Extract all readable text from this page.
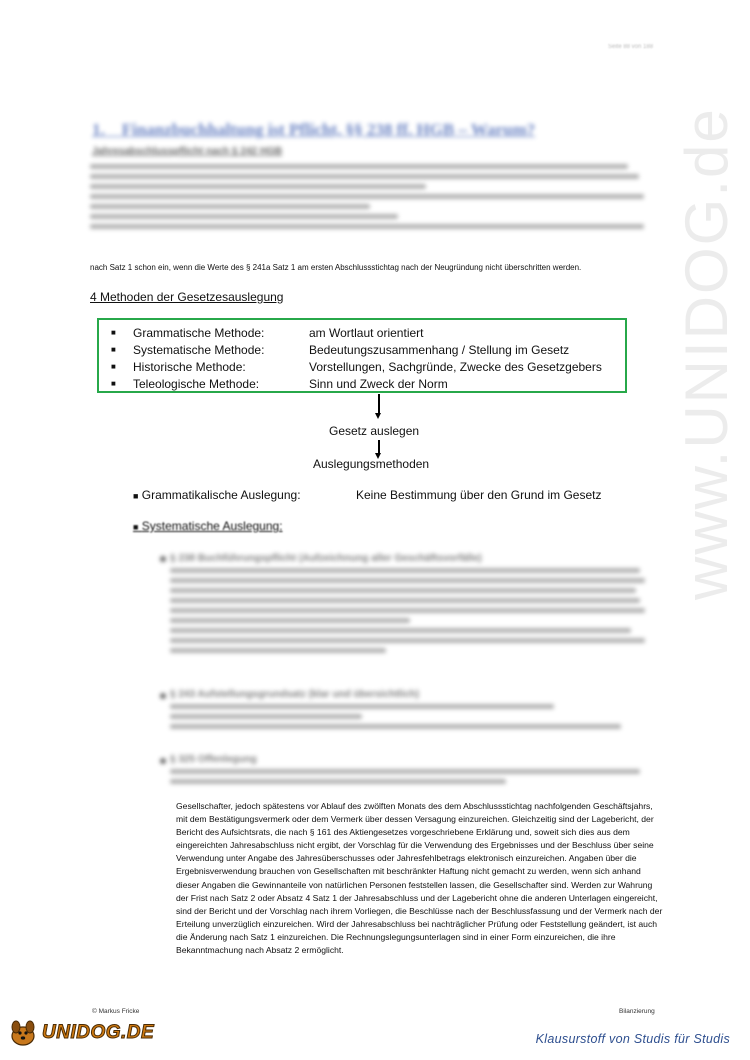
Seite 88 von 188
www.UNIDOG.de
1. Finanzbuchhaltung ist Pflicht, §§ 238 ff. HGB – Warum?
Jahresabschlusspflicht nach § 242 HGB
nach Satz 1 schon ein, wenn die Werte des § 241a Satz 1 am ersten Abschlussstichtag nach der Neugründung nicht überschritten werden.
4 Methoden der Gesetzesauslegung
■	Grammatische Methode:	am Wortlaut orientiert
■	Systematische Methode:	Bedeutungszusammenhang / Stellung im Gesetz
■	Historische Methode:	Vorstellungen, Sachgründe, Zwecke des Gesetzgebers
■	Teleologische Methode:	Sinn und Zweck der Norm
Gesetz auslegen
Auslegungsmethoden
■ Grammatikalische Auslegung:	Keine Bestimmung über den Grund im Gesetz
■ Systematische Auslegung:
§ 238 Buchführungspflicht (Aufzeichnung aller Geschäftsvorfälle)
§ 243 Aufstellungsgrundsatz (klar und übersichtlich)
§ 325 Offenlegung
Gesellschafter, jedoch spätestens vor Ablauf des zwölften Monats des dem Abschlussstichtag nachfolgenden Geschäftsjahrs, mit dem Bestätigungsvermerk oder dem Vermerk über dessen Versagung einzureichen. Gleichzeitig sind der Lagebericht, der Bericht des Aufsichtsrats, die nach § 161 des Aktiengesetzes vorgeschriebene Erklärung und, soweit sich dies aus dem eingereichten Jahresabschluss nicht ergibt, der Vorschlag für die Verwendung des Ergebnisses und der Beschluss über seine Verwendung unter Angabe des Jahresüberschusses oder Jahresfehlbetrags elektronisch einzureichen. Angaben über die Ergebnisverwendung brauchen von Gesellschaften mit beschränkter Haftung nicht gemacht zu werden, wenn sich anhand dieser Angaben die Gewinnanteile von natürlichen Personen feststellen lassen, die Gesellschafter sind. Werden zur Wahrung der Frist nach Satz 2 oder Absatz 4 Satz 1 der Jahresabschluss und der Lagebericht ohne die anderen Unterlagen eingereicht, sind der Bericht und der Vorschlag nach ihrem Vorliegen, die Beschlüsse nach der Beschlussfassung und der Vermerk nach der Erteilung unverzüglich einzureichen. Wird der Jahresabschluss bei nachträglicher Prüfung oder Feststellung geändert, ist auch die Änderung nach Satz 1 einzureichen. Die Rechnungslegungsunterlagen sind in einer Form einzureichen, die ihre Bekanntmachung nach Absatz 2 ermöglicht.
© Markus Fricke	Bilanzierung
UNIDOG.DE	Klausurstoff von Studis für Studis
